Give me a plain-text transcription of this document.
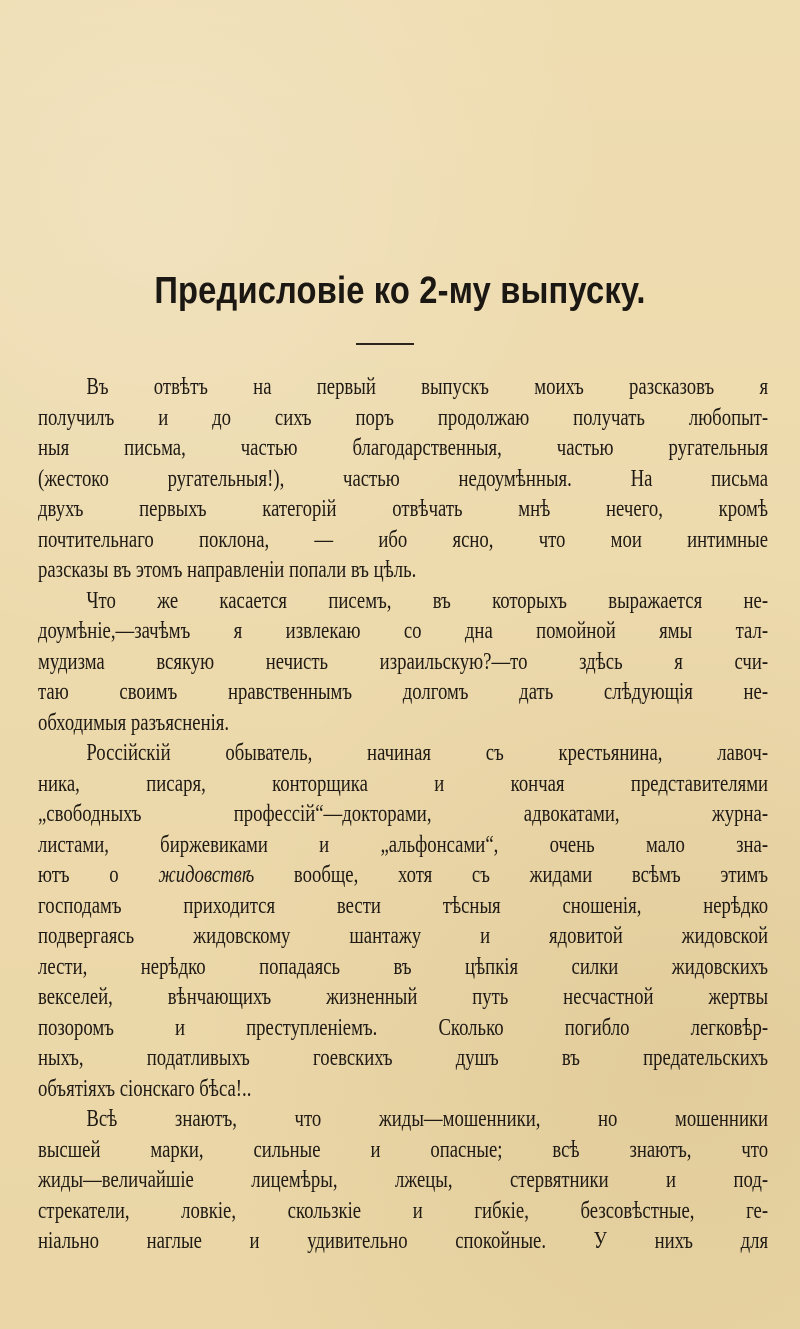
Предисловіе ко 2-му выпуску.
Въ отвѣтъ на первый выпускъ моихъ разсказовъ я
получилъ и до сихъ поръ продолжаю получать любопыт-
ныя письма, частью благодарственныя, частью ругательныя
(жестоко ругательныя!), частью недоумѣнныя. На письма
двухъ первыхъ категорій отвѣчать мнѣ нечего, кромѣ
почтительнаго поклона, — ибо ясно, что мои интимные
разсказы въ этомъ направленіи попали въ цѣль.
Что же касается писемъ, въ которыхъ выражается не-
доумѣніе,—зачѣмъ я извлекаю со дна помойной ямы тал-
мудизма всякую нечисть израильскую?—то здѣсь я счи-
таю своимъ нравственнымъ долгомъ дать слѣдующія не-
обходимыя разъясненія.
Россійскій обыватель, начиная съ крестьянина, лавоч-
ника, писаря, конторщика и кончая представителями
„свободныхъ профессій“—докторами, адвокатами, журна-
листами, биржевиками и „альфонсами“, очень мало зна-
ютъ о жидовствѣ вообще, хотя съ жидами всѣмъ этимъ
господамъ приходится вести тѣсныя сношенія, нерѣдко
подвергаясь жидовскому шантажу и ядовитой жидовской
лести, нерѣдко попадаясь въ цѣпкія силки жидовскихъ
векселей, вѣнчающихъ жизненный путь несчастной жертвы
позоромъ и преступленіемъ. Сколько погибло легковѣр-
ныхъ, податливыхъ гоевскихъ душъ въ предательскихъ
объятіяхъ сіонскаго бѣса!..
Всѣ знаютъ, что жиды—мошенники, но мошенники
высшей марки, сильные и опасные; всѣ знаютъ, что
жиды—величайшіе лицемѣры, лжецы, стервятники и под-
стрекатели, ловкіе, скользкіе и гибкіе, безсовѣстные, ге-
ніально наглые и удивительно спокойные. У нихъ для
